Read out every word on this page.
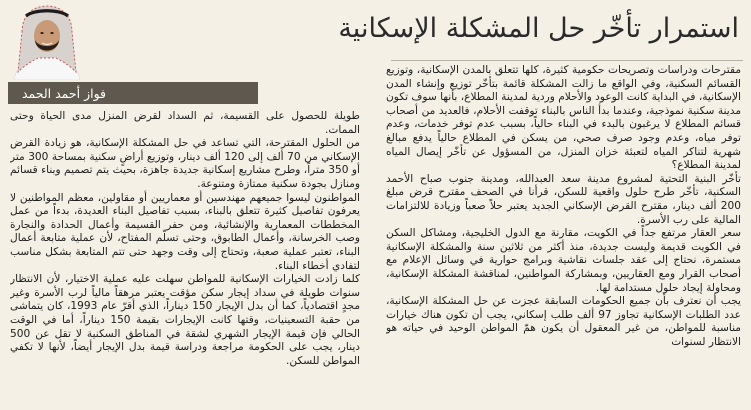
استمرار تأخّر حل المشكلة الإسكانية
فواز أحمد الحمد

مقترحات ودراسات وتصريحات حكومية كثيرة، كلها تتعلق بالمدن الإسكانية، وتوزيع القسائم السكنية، وفي الواقع ما زالت المشكلة قائمة بتأخّر توزيع وإنشاء المدن الإسكانية، في البداية كانت الوعود والأحلام وردية لمدينة المطلاع، بأنها سوف تكون مدينة سكنية نموذجية، وعندما بدأ الناس بالبناء توقفت الأحلام، فالعديد من أصحاب قسائم المطلاع لا يرغبون بالبدء في البناء حالياً، بسبب عدم توفر خدمات، وعدم توفر مياه، وعدم وجود صرف صحي، من يسكن في المطلاع حالياً يدفع مبالغ شهرية لتناكر المياه لتعبئة خزان المنزل، من المسؤول عن تأخّر إيصال المياه لمدينة المطلاع؟

تأخّر البنية التحتية لمشروع مدينة سعد العبدالله، ومدينة جنوب صباح الأحمد السكنية، تأخّر طرح حلول واقعية للسكن، قرأنا في الصحف مقترح قرض مبلغ 200 ألف دينار، مقترح القرض الإسكاني الجديد يعتبر حلاً صعباً وزيادة للالتزامات المالية على رب الأسرة.

سعر العقار مرتفع جداً في الكويت، مقارنة مع الدول الخليجية، ومشاكل السكن في الكويت قديمة وليست جديدة، منذ أكثر من ثلاثين سنة والمشكلة الإسكانية مستمرة، نحتاج إلى عقد جلسات نقاشية وبرامج حوارية في وسائل الإعلام مع أصحاب القرار ومع العقاريين، وبمشاركة المواطنين، لمناقشة المشكلة الإسكانية، ومحاولة إيجاد حلول مستدامة لها.

يجب أن نعترف بأن جميع الحكومات السابقة عجزت عن حل المشكلة الإسكانية، عدد الطلبات الإسكانية تجاوز 97 ألف طلب إسكاني، يجب أن تكون هناك خيارات مناسبة للمواطن، من غير المعقول أن يكون همّ المواطن الوحيد في حياته هو الانتظار لسنوات

طويلة للحصول على القسيمة، ثم السداد لقرض المنزل مدى الحياة وحتى الممات.

من الحلول المقترحة، التي تساعد في حل المشكلة الإسكانية، هو زيادة القرض الإسكاني من 70 ألف إلى 120 ألف دينار، وتوزيع أراضٍ سكنية بمساحة 300 متر أو 350 متراً، وطرح مشاريع إسكانية جديدة جاهزة، بحيث يتم تصميم وبناء قسائم ومنازل بجودة سكنية ممتازة ومتنوعة.

المواطنون ليسوا جميعهم مهندسين أو معماريين أو مقاولين، معظم المواطنين لا يعرفون تفاصيل كثيرة تتعلق بالبناء، بسبب تفاصيل البناء العديدة، بدءاً من عمل المخططات المعمارية والإنشائية، ومن حفر القسيمة وأعمال الحدادة والنجارة وصب الخرسانة، وأعمال الطابوق، وحتى تسلّم المفتاح، لأن عملية متابعة أعمال البناء، تعتبر عملية صعبة، وتحتاج إلى وقت وجهد حتى تتم المتابعة بشكل مناسب لتفادي أخطاء البناء.

كلما زادت الخيارات الإسكانية للمواطن سهلت عليه عملية الاختيار، لأن الانتظار سنوات طويلة في سداد إيجار سكن مؤقت يعتبر مرهقاً مالياً لرب الأسرة وغير مجدٍ اقتصادياً، كما أن بدل الإيجار 150 ديناراً، الذي أقرّ عام 1993، كان يتماشى من حقبة التسعينيات، وقتها كانت الإيجارات بقيمة 150 ديناراً، أما في الوقت الحالي فإن قيمة الإيجار الشهري لشقة في المناطق السكنية لا تقل عن 500 دينار، يجب على الحكومة مراجعة ودراسة قيمة بدل الإيجار أيضاً، لأنها لا تكفي المواطن للسكن.
